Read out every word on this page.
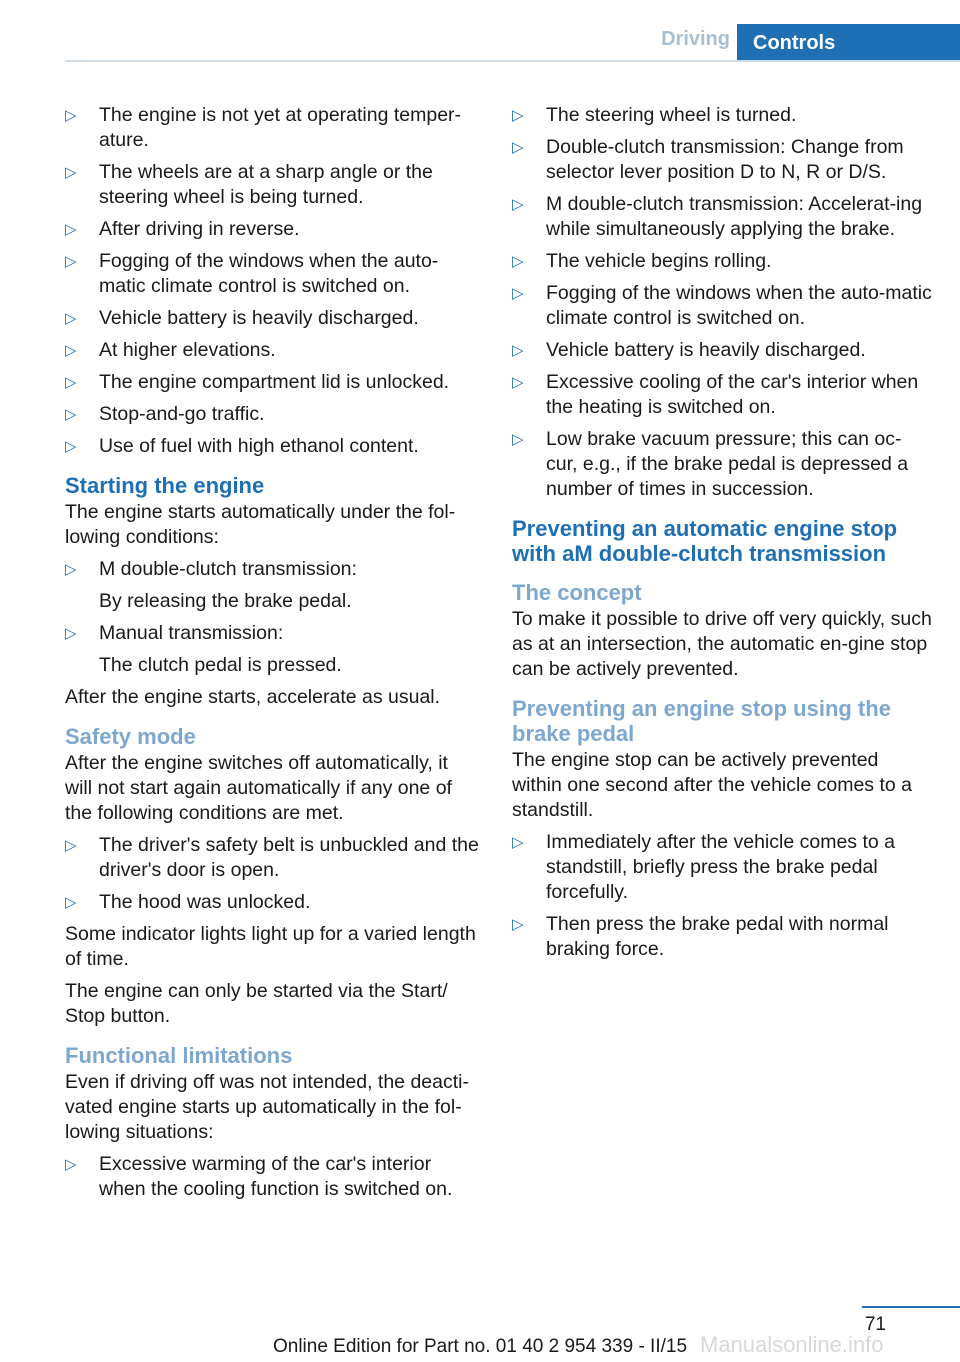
Driving	Controls
▷ The engine is not yet at operating temper-ature.
▷ The wheels are at a sharp angle or the steering wheel is being turned.
▷ After driving in reverse.
▷ Fogging of the windows when the auto-matic climate control is switched on.
▷ Vehicle battery is heavily discharged.
▷ At higher elevations.
▷ The engine compartment lid is unlocked.
▷ Stop-and-go traffic.
▷ Use of fuel with high ethanol content.
Starting the engine

The engine starts automatically under the fol-lowing conditions:

▷ M double-clutch transmission:
By releasing the brake pedal.
▷ Manual transmission:
The clutch pedal is pressed.

After the engine starts, accelerate as usual.

Safety mode

After the engine switches off automatically, it will not start again automatically if any one of the following conditions are met.

▷ The driver's safety belt is unbuckled and the driver's door is open.
▷ The hood was unlocked.

Some indicator lights light up for a varied length of time.

The engine can only be started via the Start/ Stop button.

Functional limitations

Even if driving off was not intended, the deacti-vated engine starts up automatically in the fol-lowing situations:

▷ Excessive warming of the car's interior when the cooling function is switched on.
▷ The steering wheel is turned.
▷ Double-clutch transmission: Change from selector lever position D to N, R or D/S.
▷ M double-clutch transmission: Accelerat-ing while simultaneously applying the brake.
▷ The vehicle begins rolling.
▷ Fogging of the windows when the auto-matic climate control is switched on.
▷ Vehicle battery is heavily discharged.
▷ Excessive cooling of the car's interior when the heating is switched on.
▷ Low brake vacuum pressure; this can oc-cur, e.g., if the brake pedal is depressed a number of times in succession.
Preventing an automatic engine stop with aM double-clutch transmission
The concept

To make it possible to drive off very quickly, such as at an intersection, the automatic en-gine stop can be actively prevented.

Preventing an engine stop using the brake pedal

The engine stop can be actively prevented within one second after the vehicle comes to a standstill.

▷ Immediately after the vehicle comes to a standstill, briefly press the brake pedal forcefully.
▷ Then press the brake pedal with normal braking force.
71
Manualsonline.info
Online Edition for Part no. 01 40 2 954 339 - II/15
